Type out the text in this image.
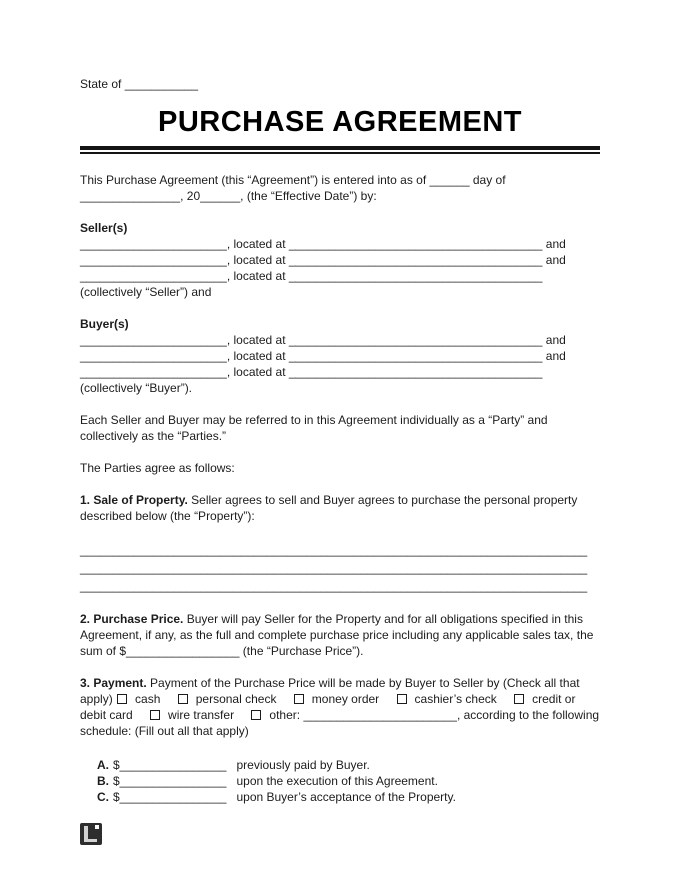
State of ___________
PURCHASE AGREEMENT

This Purchase Agreement (this “Agreement”) is entered into as of ______ day of _______________, 20______, (the “Effective Date”) by:

Seller(s)
______________________, located at ______________________________________ and
______________________, located at ______________________________________ and
______________________, located at ______________________________________
(collectively “Seller”) and
Buyer(s)
______________________, located at ______________________________________ and
______________________, located at ______________________________________ and
______________________, located at ______________________________________
(collectively “Buyer”).

Each Seller and Buyer may be referred to in this Agreement individually as a “Party” and collectively as the “Parties.”

The Parties agree as follows:

1. Sale of Property. Seller agrees to sell and Buyer agrees to purchase the personal property described below (the “Property”):

____________________________________________________________________________
____________________________________________________________________________
____________________________________________________________________________

2. Purchase Price. Buyer will pay Seller for the Property and for all obligations specified in this Agreement, if any, as the full and complete purchase price including any applicable sales tax, the sum of $_________________ (the “Purchase Price”).

3. Payment. Payment of the Purchase Price will be made by Buyer to Seller by (Check all that apply) cash	personal check	money order	cashier’s check	credit or debit card	wire transfer	other: _______________________, according to the following schedule: (Fill out all that apply)

A. $________________ previously paid by Buyer.
B. $________________ upon the execution of this Agreement.
C. $________________ upon Buyer’s acceptance of the Property.
